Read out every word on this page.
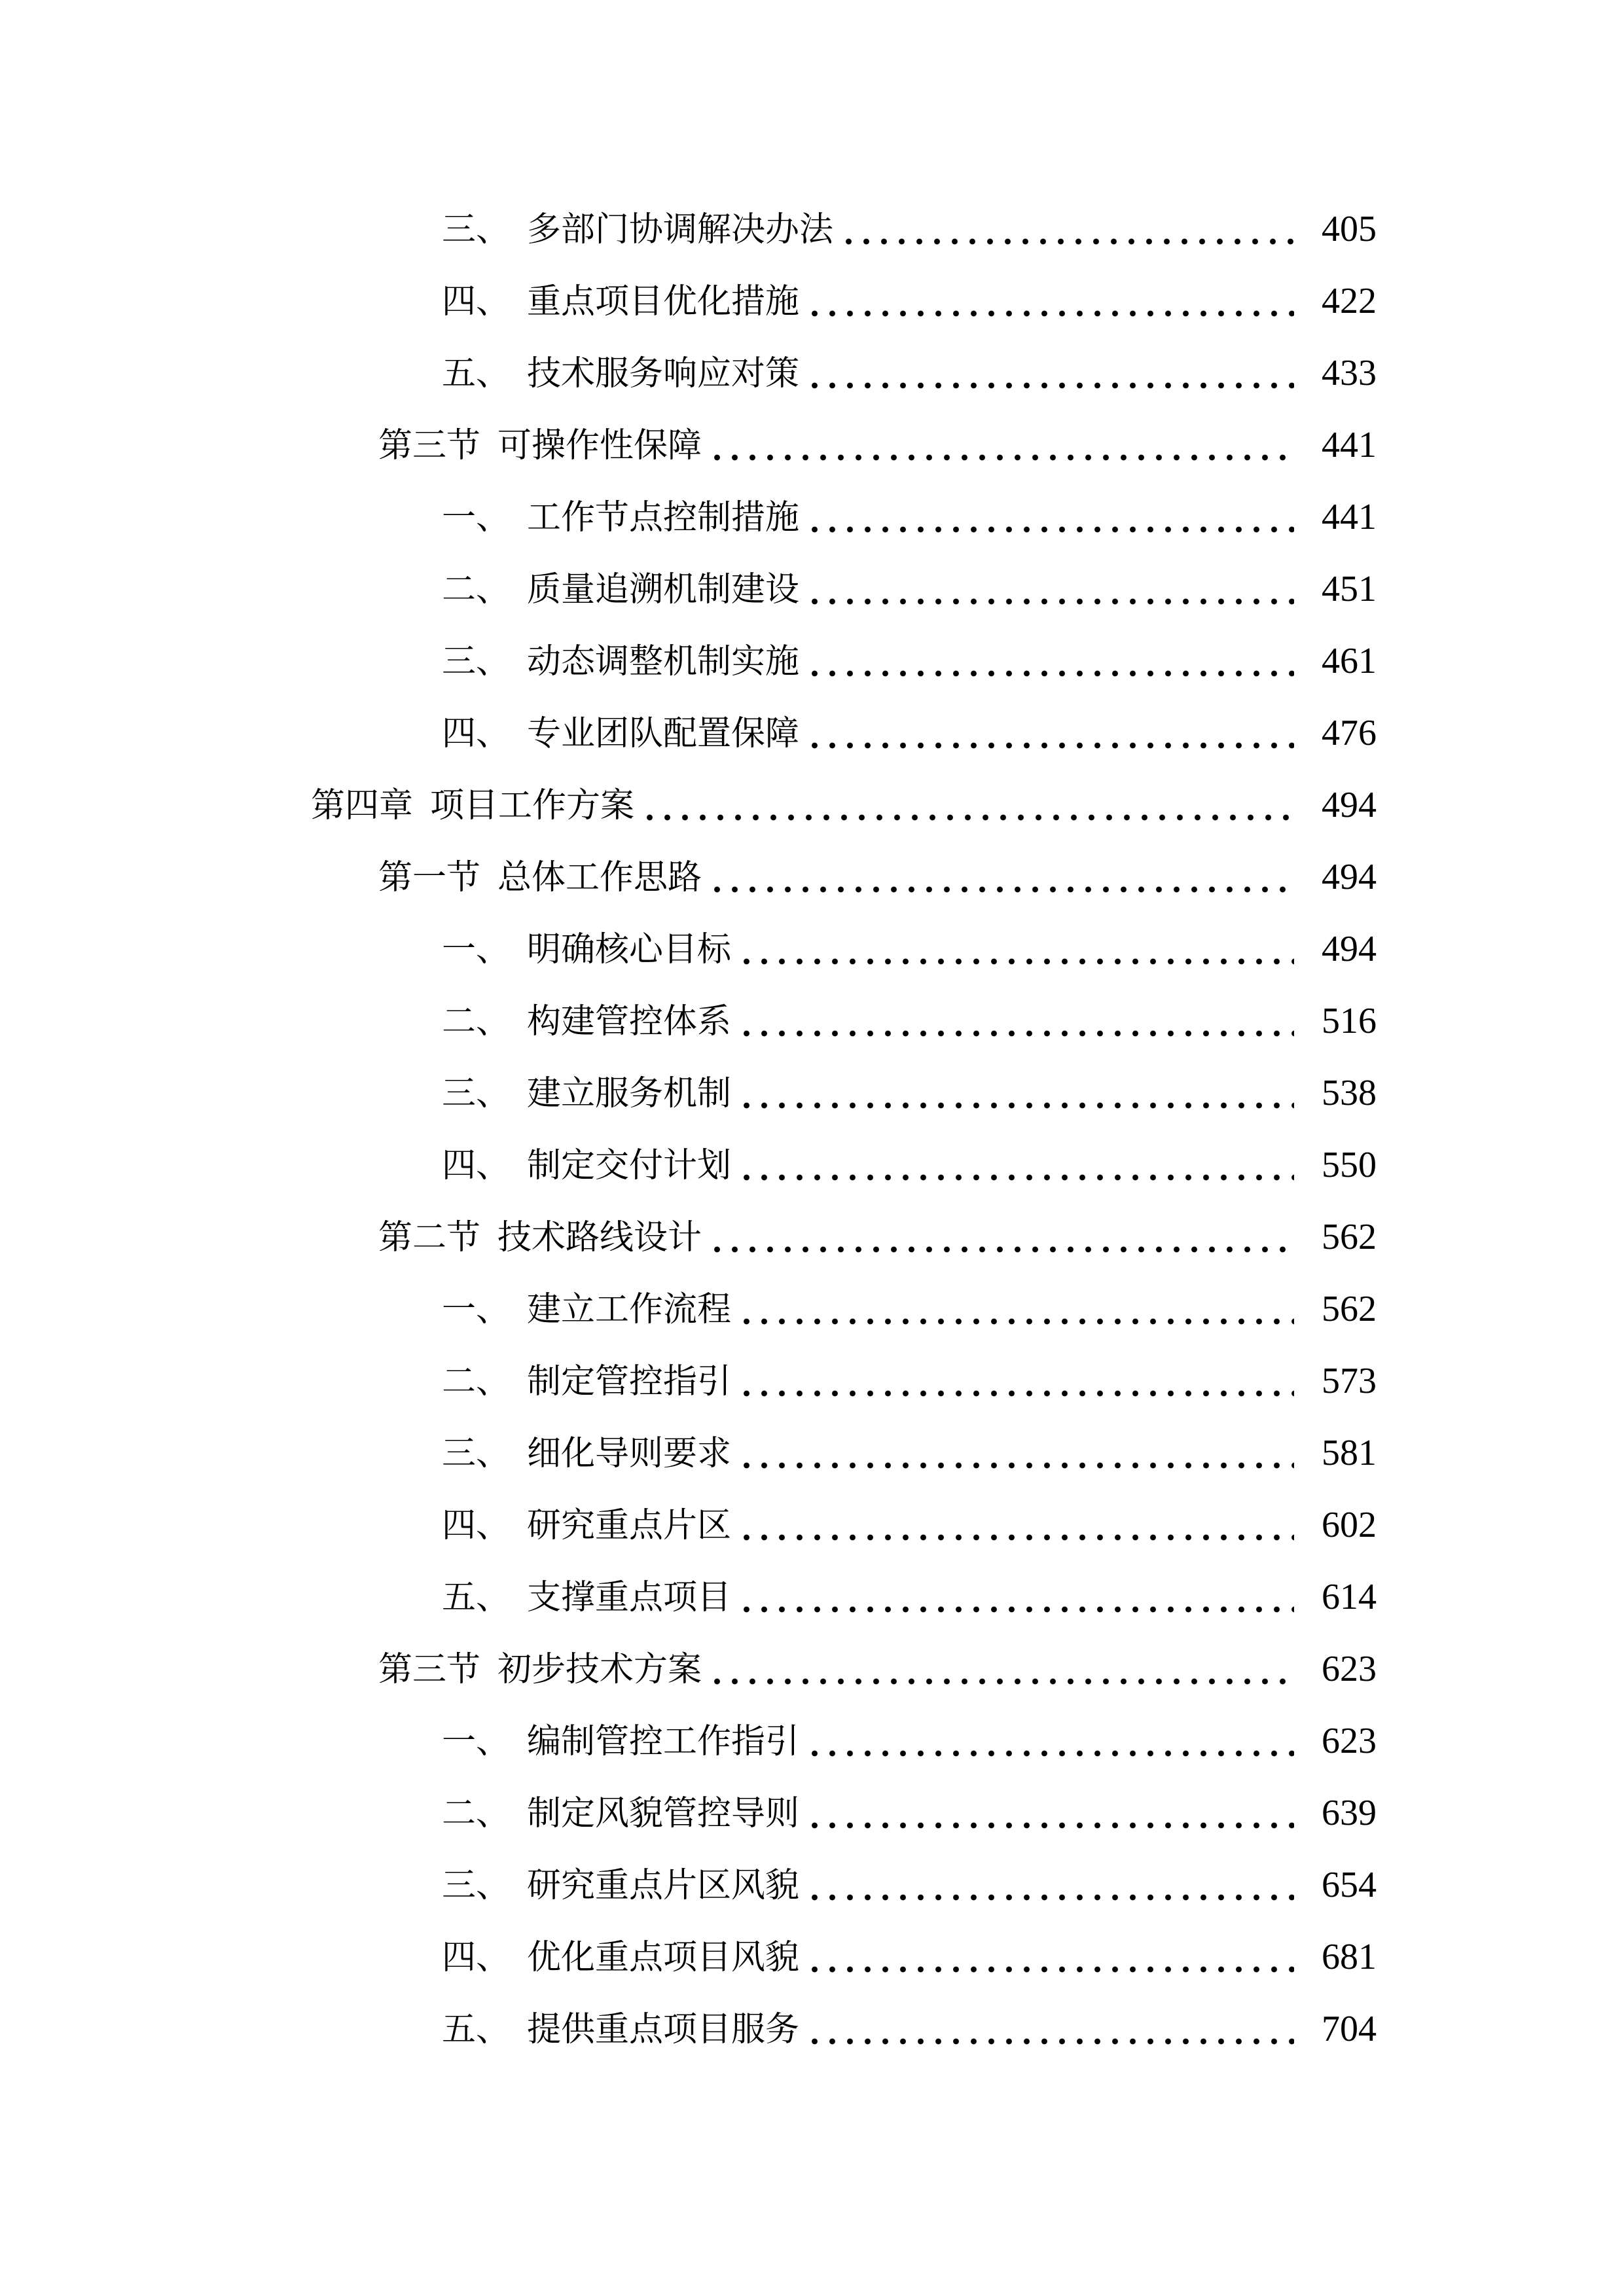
三、 多部门协调解决办法	405
四、 重点项目优化措施	422
五、 技术服务响应对策	433
第三节 可操作性保障	441
一、 工作节点控制措施	441
二、 质量追溯机制建设	451
三、 动态调整机制实施	461
四、 专业团队配置保障	476
第四章 项目工作方案	494
第一节 总体工作思路	494
一、 明确核心目标	494
二、 构建管控体系	516
三、 建立服务机制	538
四、 制定交付计划	550
第二节 技术路线设计	562
一、 建立工作流程	562
二、 制定管控指引	573
三、 细化导则要求	581
四、 研究重点片区	602
五、 支撑重点项目	614
第三节 初步技术方案	623
一、 编制管控工作指引	623
二、 制定风貌管控导则	639
三、 研究重点片区风貌	654
四、 优化重点项目风貌	681
五、 提供重点项目服务	704
